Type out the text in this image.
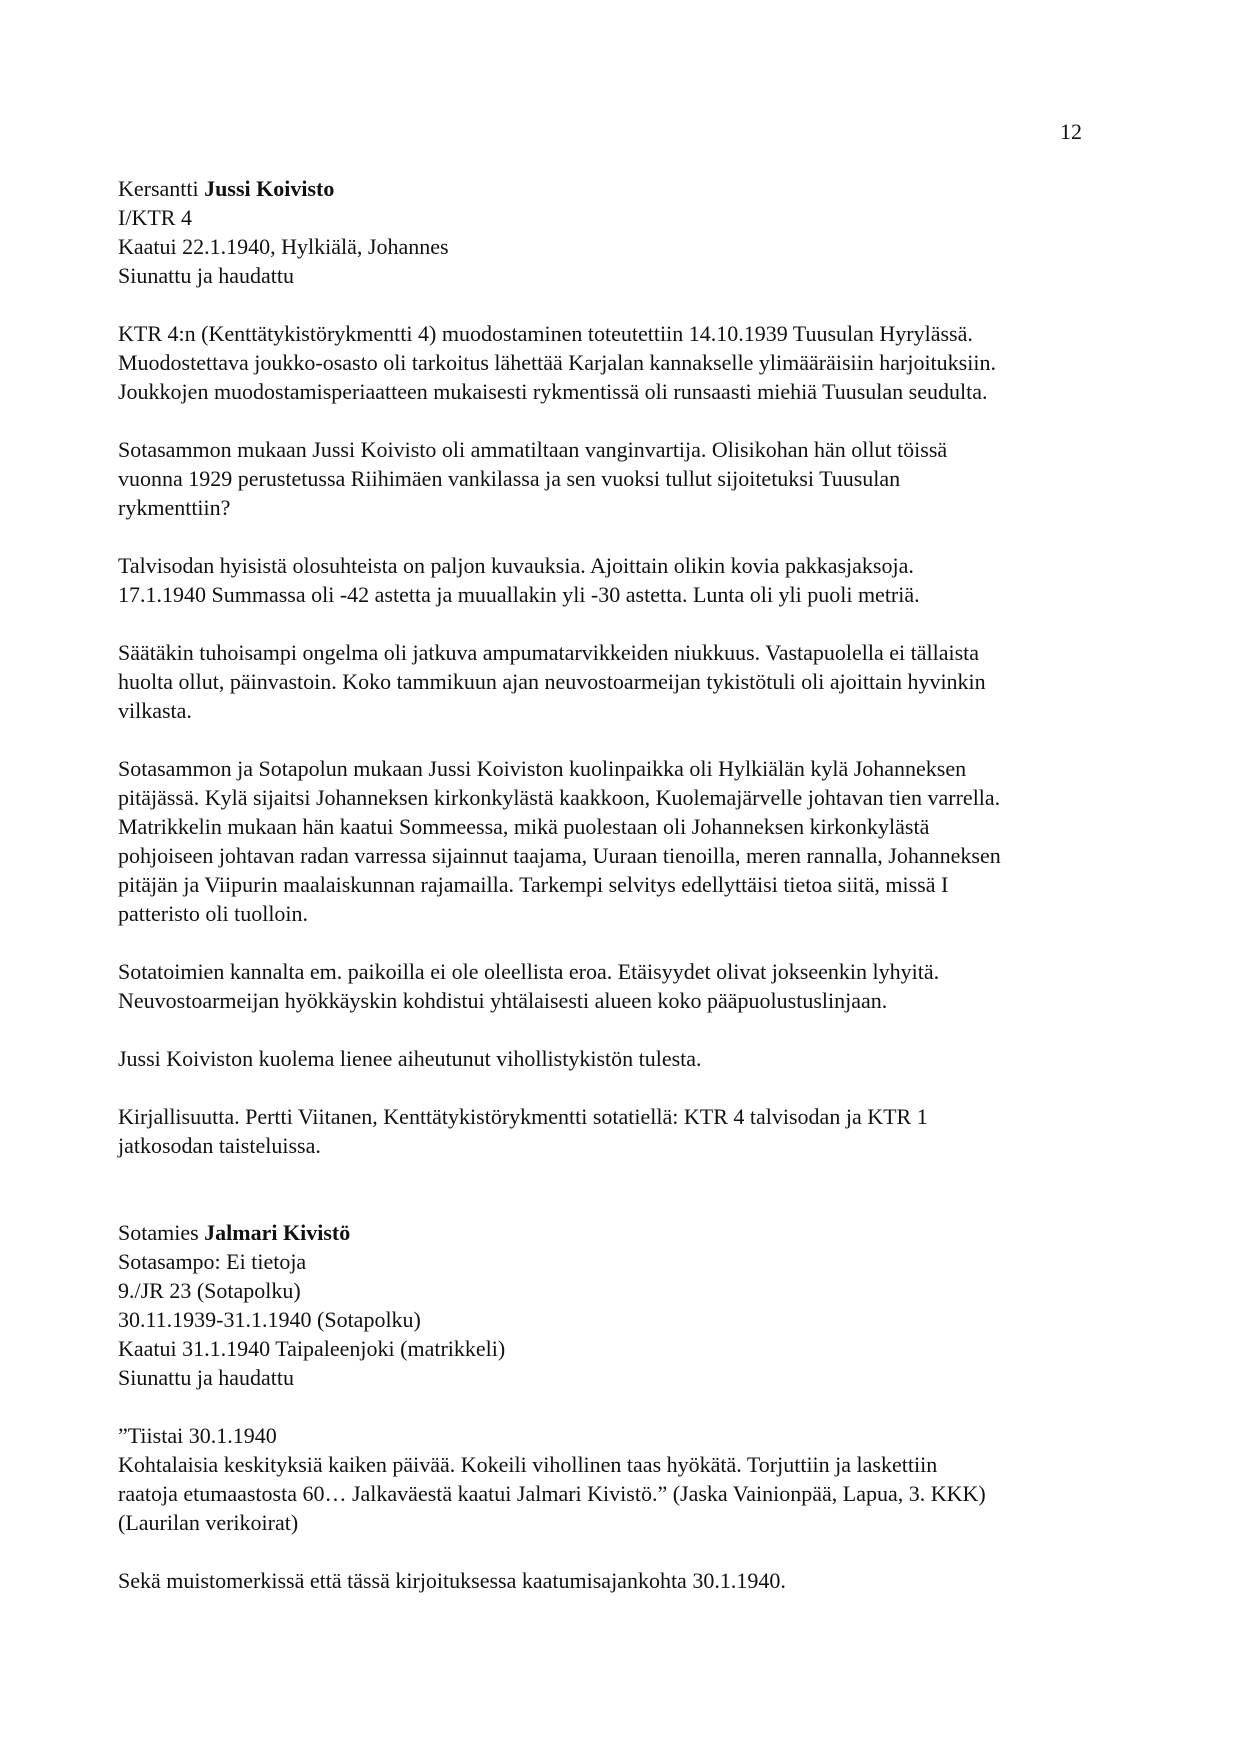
12
Kersantti Jussi Koivisto
I/KTR 4
Kaatui 22.1.1940, Hylkiälä, Johannes
Siunattu ja haudattu
KTR 4:n (Kenttätykistörykmentti 4) muodostaminen toteutettiin 14.10.1939 Tuusulan Hyrylässä.
Muodostettava joukko-osasto oli tarkoitus lähettää Karjalan kannakselle ylimääräisiin harjoituksiin.
Joukkojen muodostamisperiaatteen mukaisesti rykmentissä oli runsaasti miehiä Tuusulan seudulta.
Sotasammon mukaan Jussi Koivisto oli ammatiltaan vanginvartija. Olisikohan hän ollut töissä
vuonna 1929 perustetussa Riihimäen vankilassa ja sen vuoksi tullut sijoitetuksi Tuusulan
rykmenttiin?
Talvisodan hyisistä olosuhteista on paljon kuvauksia. Ajoittain olikin kovia pakkasjaksoja.
17.1.1940 Summassa oli -42 astetta ja muuallakin yli -30 astetta. Lunta oli yli puoli metriä.
Säätäkin tuhoisampi ongelma oli jatkuva ampumatarvikkeiden niukkuus. Vastapuolella ei tällaista
huolta ollut, päinvastoin. Koko tammikuun ajan neuvostoarmeijan tykistötuli oli ajoittain hyvinkin
vilkasta.
Sotasammon ja Sotapolun mukaan Jussi Koiviston kuolinpaikka oli Hylkiälän kylä Johanneksen
pitäjässä. Kylä sijaitsi Johanneksen kirkonkylästä kaakkoon, Kuolemajärvelle johtavan tien varrella.
Matrikkelin mukaan hän kaatui Sommeessa, mikä puolestaan oli Johanneksen kirkonkylästä
pohjoiseen johtavan radan varressa sijainnut taajama, Uuraan tienoilla, meren rannalla, Johanneksen
pitäjän ja Viipurin maalaiskunnan rajamailla. Tarkempi selvitys edellyttäisi tietoa siitä, missä I
patteristo oli tuolloin.
Sotatoimien kannalta em. paikoilla ei ole oleellista eroa. Etäisyydet olivat jokseenkin lyhyitä.
Neuvostoarmeijan hyökkäyskin kohdistui yhtälaisesti alueen koko pääpuolustuslinjaan.
Jussi Koiviston kuolema lienee aiheutunut vihollistykistön tulesta.
Kirjallisuutta. Pertti Viitanen, Kenttätykistörykmentti sotatiellä: KTR 4 talvisodan ja KTR 1
jatkosodan taisteluissa.
Sotamies Jalmari Kivistö
Sotasampo: Ei tietoja
9./JR 23 (Sotapolku)
30.11.1939-31.1.1940 (Sotapolku)
Kaatui 31.1.1940 Taipaleenjoki (matrikkeli)
Siunattu ja haudattu
”Tiistai 30.1.1940
Kohtalaisia keskityksiä kaiken päivää. Kokeili vihollinen taas hyökätä. Torjuttiin ja laskettiin
raatoja etumaastosta 60… Jalkaväestä kaatui Jalmari Kivistö.” (Jaska Vainionpää, Lapua, 3. KKK)
(Laurilan verikoirat)
Sekä muistomerkissä että tässä kirjoituksessa kaatumisajankohta 30.1.1940.
